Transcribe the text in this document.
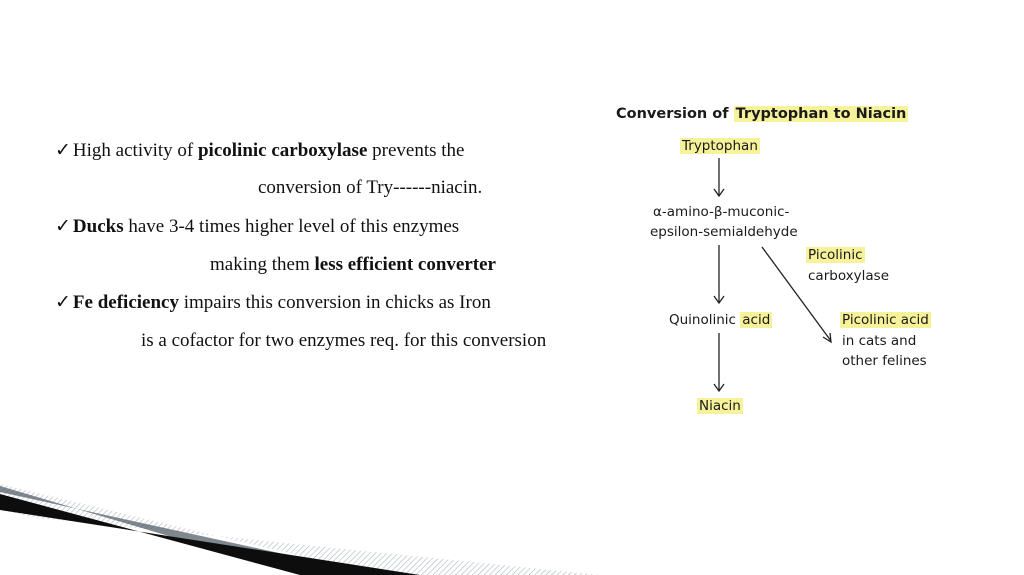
✓ High activity of picolinic carboxylase prevents the
conversion of Try------niacin.
✓ Ducks have 3-4 times higher level of this enzymes
making them less efficient converter
✓ Fe deficiency impairs this conversion in chicks as Iron
is a cofactor for two enzymes req. for this conversion
Conversion of Tryptophan to Niacin
Tryptophan
α-amino-β-muconic-
epsilon-semialdehyde
Picolinic
carboxylase
Quinolinic acid	Picolinic acid
in cats and
other felines
Niacin
